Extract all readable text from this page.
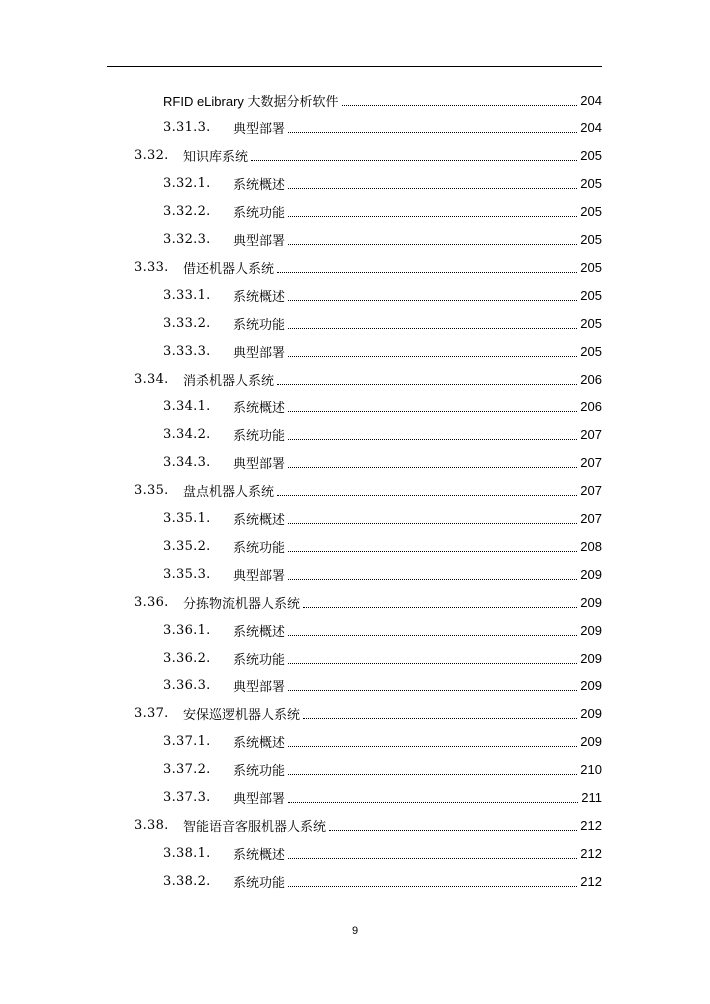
RFID eLibrary 大数据分析软件	204
3.31.3.	典型部署	204
3.32.	知识库系统	205
3.32.1.	系统概述	205
3.32.2.	系统功能	205
3.32.3.	典型部署	205
3.33.	借还机器人系统	205
3.33.1.	系统概述	205
3.33.2.	系统功能	205
3.33.3.	典型部署	205
3.34.	消杀机器人系统	206
3.34.1.	系统概述	206
3.34.2.	系统功能	207
3.34.3.	典型部署	207
3.35.	盘点机器人系统	207
3.35.1.	系统概述	207
3.35.2.	系统功能	208
3.35.3.	典型部署	209
3.36.	分拣物流机器人系统	209
3.36.1.	系统概述	209
3.36.2.	系统功能	209
3.36.3.	典型部署	209
3.37.	安保巡逻机器人系统	209
3.37.1.	系统概述	209
3.37.2.	系统功能	210
3.37.3.	典型部署	211
3.38.	智能语音客服机器人系统	212
3.38.1.	系统概述	212
3.38.2.	系统功能	212
9
